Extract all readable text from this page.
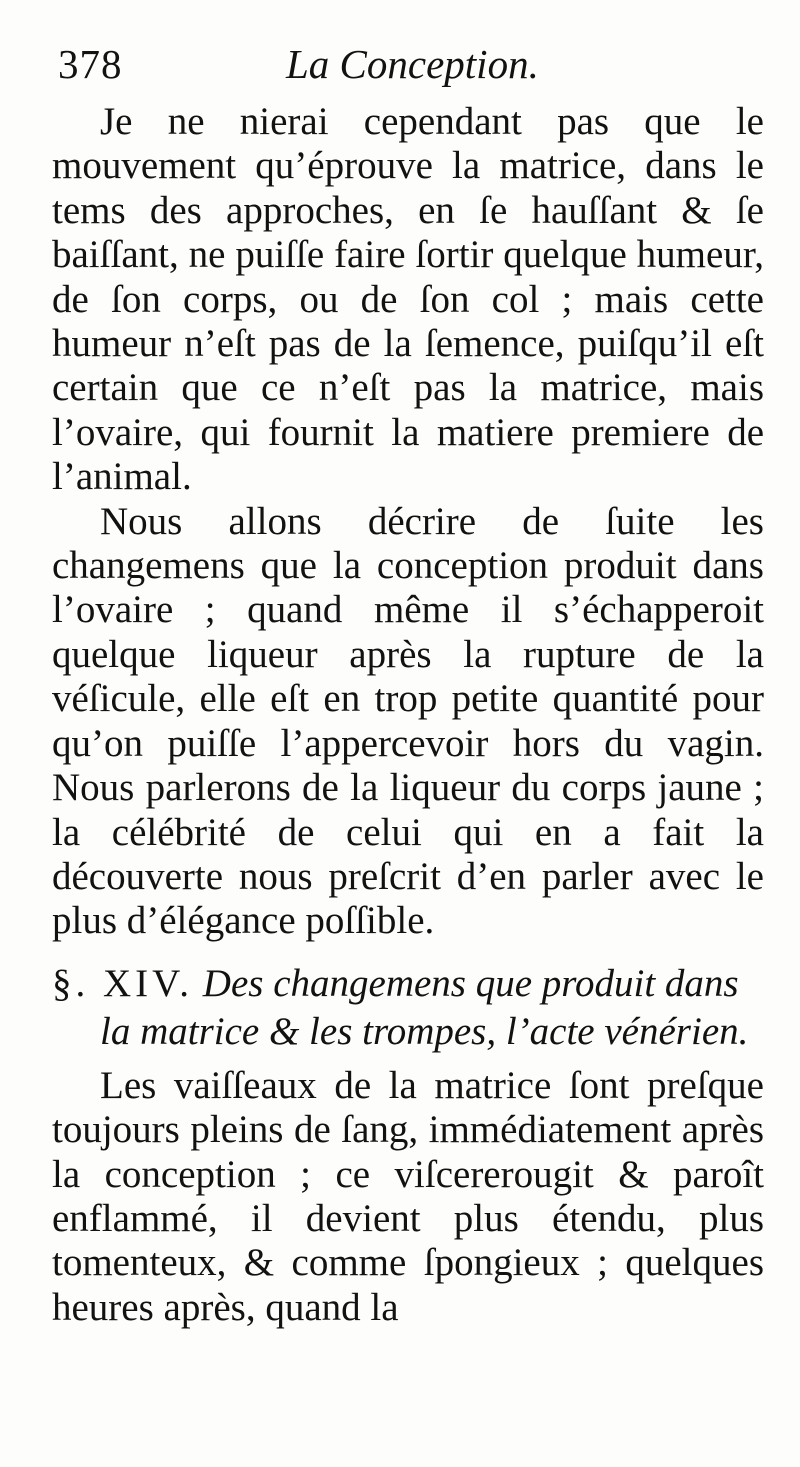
378	La Conception.

Je ne nierai cependant pas que le mouvement qu’éprouve la matrice, dans le tems des approches, en ſe hauſſant & ſe baiſſant, ne puiſſe faire ſortir quelque humeur, de ſon corps, ou de ſon col ; mais cette humeur n’eſt pas de la ſemence, puiſqu’il eſt certain que ce n’eſt pas la matrice, mais l’ovaire, qui fournit la matiere premiere de l’animal.

Nous allons décrire de ſuite les changemens que la conception produit dans l’ovaire ; quand même il s’échapperoit quelque liqueur après la rupture de la véſicule, elle eſt en trop petite quantité pour qu’on puiſſe l’appercevoir hors du vagin. Nous parlerons de la liqueur du corps jaune ; la célébrité de celui qui en a fait la découverte nous preſcrit d’en parler avec le plus d’élégance poſſible.

§. XIV. Des changemens que produit dans la matrice & les trompes, l’acte vénérien.

Les vaiſſeaux de la matrice ſont preſque toujours pleins de ſang, immédiatement après la conception ; ce viſcererougit & paroît enflammé, il devient plus étendu, plus tomenteux, & comme ſpongieux ; quelques heures après, quand la
